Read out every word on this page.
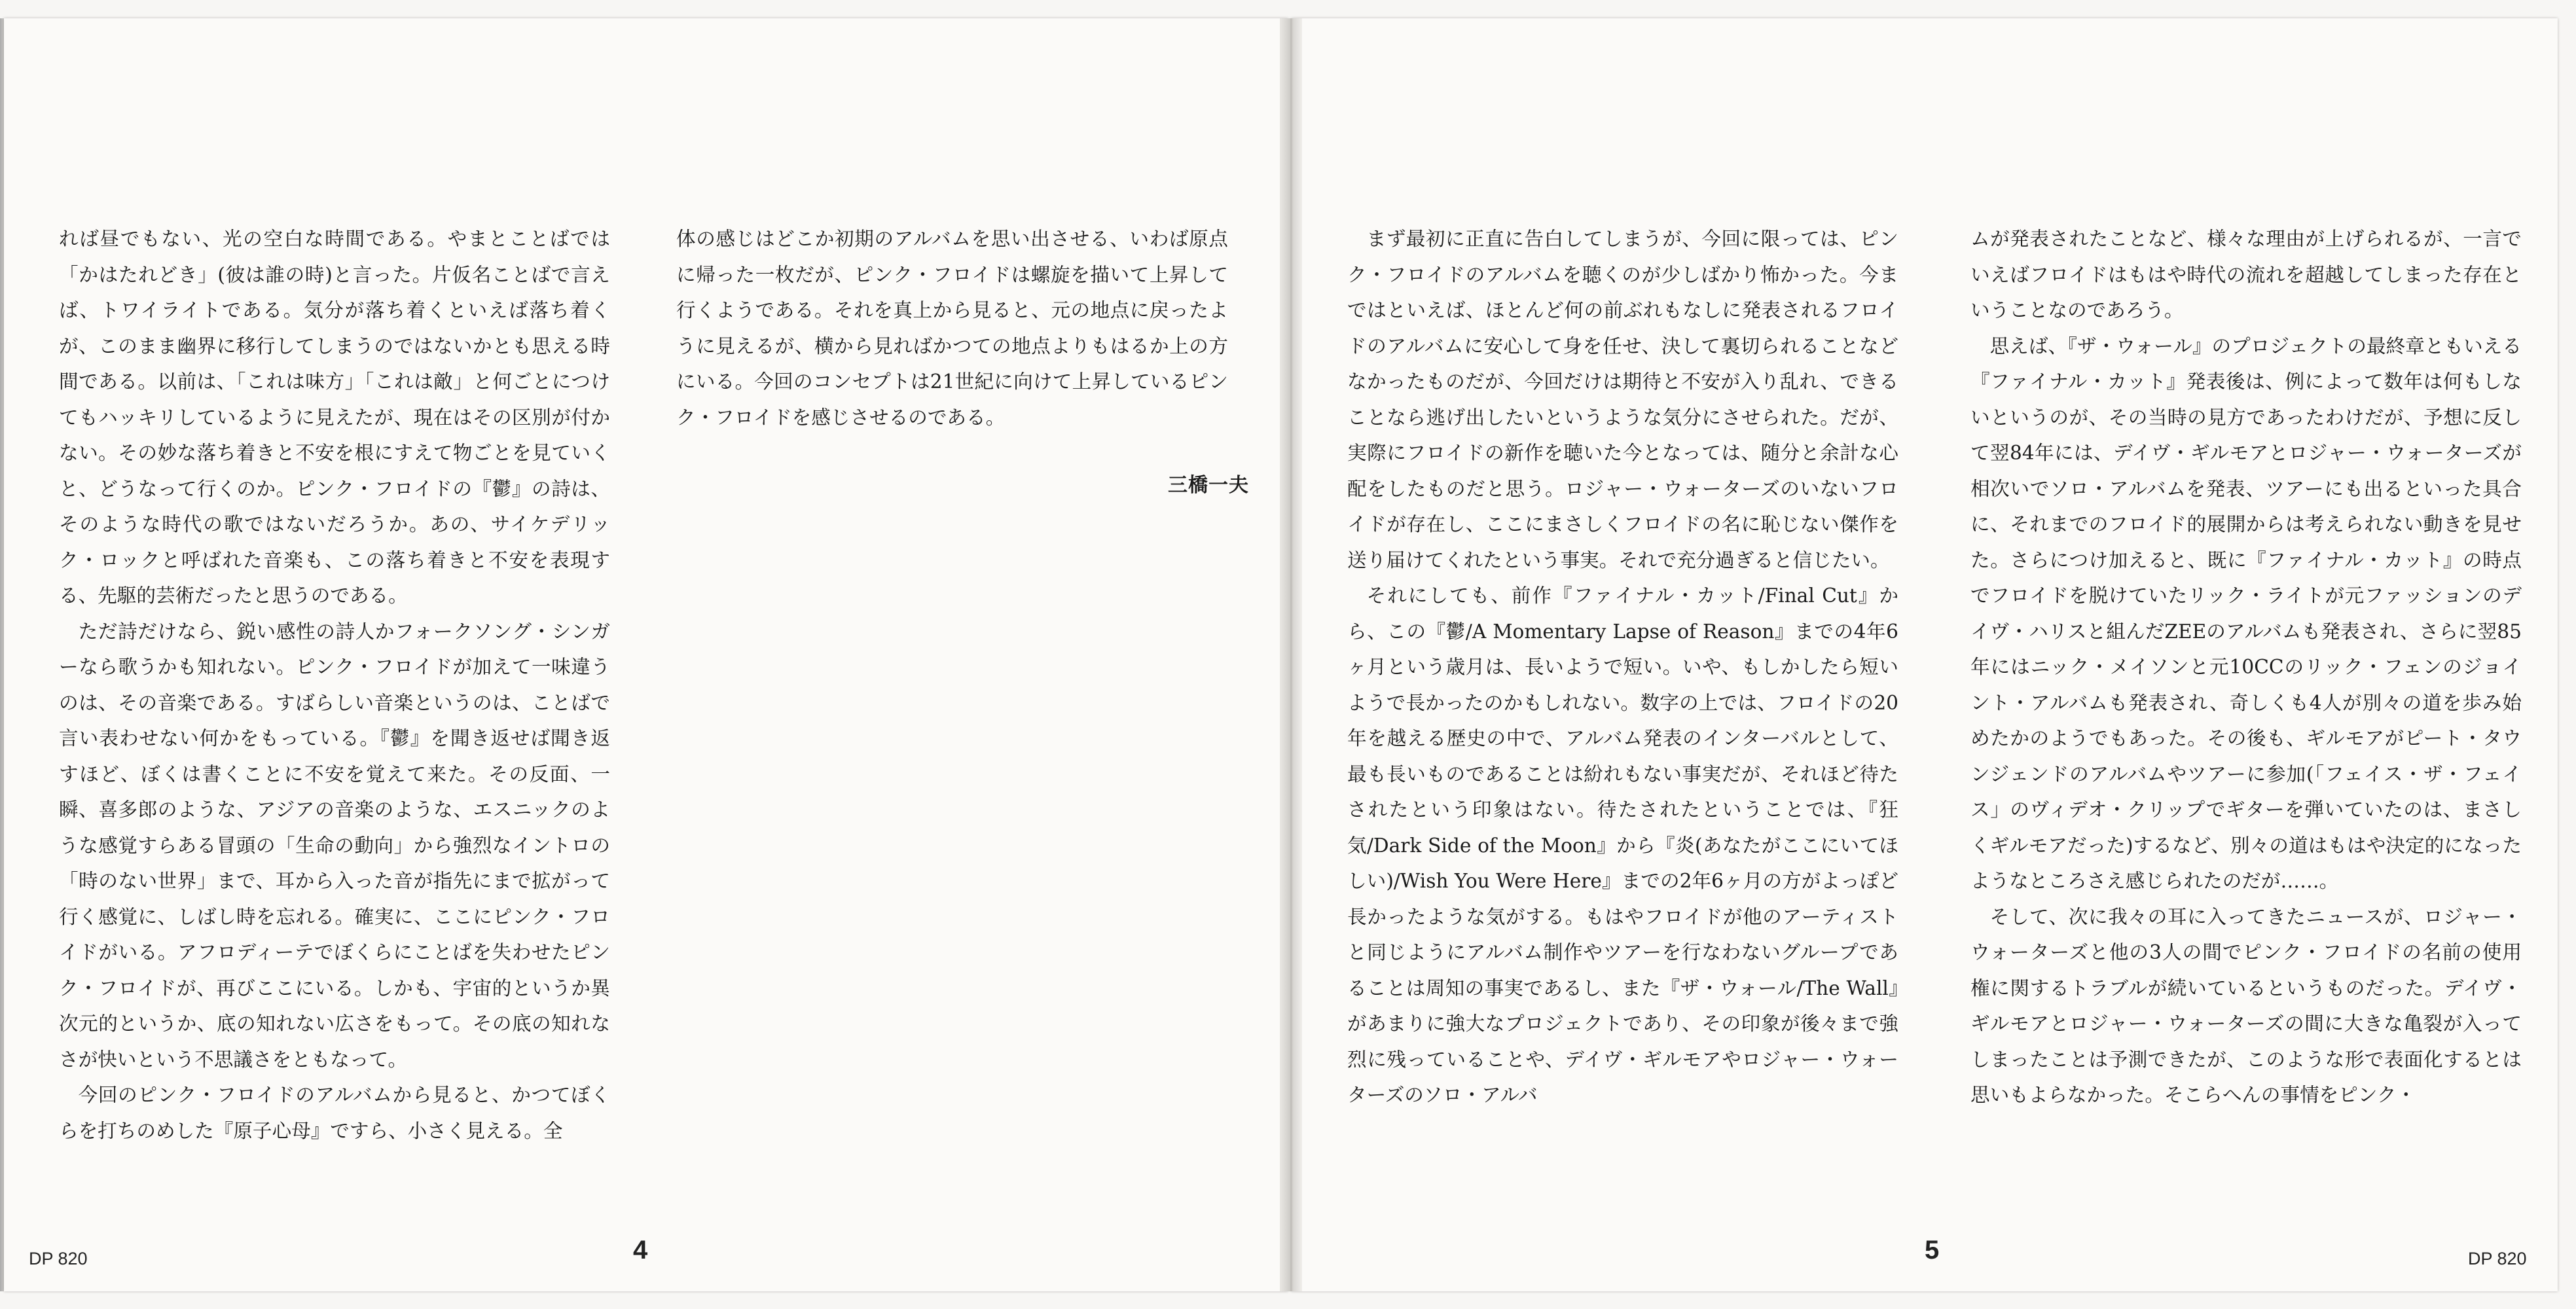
れば昼でもない、光の空白な時間である。やまとことばでは「かはたれどき」(彼は誰の時)と言った。片仮名ことばで言えば、トワイライトである。気分が落ち着くといえば落ち着くが、このまま幽界に移行してしまうのではないかとも思える時間である。以前は、「これは味方」「これは敵」と何ごとにつけてもハッキリしているように見えたが、現在はその区別が付かない。その妙な落ち着きと不安を根にすえて物ごとを見ていくと、どうなって行くのか。ピンク・フロイドの『鬱』の詩は、そのような時代の歌ではないだろうか。あの、サイケデリック・ロックと呼ばれた音楽も、この落ち着きと不安を表現する、先駆的芸術だったと思うのである。

ただ詩だけなら、鋭い感性の詩人かフォークソング・シンガーなら歌うかも知れない。ピンク・フロイドが加えて一味違うのは、その音楽である。すばらしい音楽というのは、ことばで言い表わせない何かをもっている。『鬱』を聞き返せば聞き返すほど、ぼくは書くことに不安を覚えて来た。その反面、一瞬、喜多郎のような、アジアの音楽のような、エスニックのような感覚すらある冒頭の「生命の動向」から強烈なイントロの「時のない世界」まで、耳から入った音が指先にまで拡がって行く感覚に、しばし時を忘れる。確実に、ここにピンク・フロイドがいる。アフロディーテでぼくらにことばを失わせたピンク・フロイドが、再びここにいる。しかも、宇宙的というか異次元的というか、底の知れない広さをもって。その底の知れなさが快いという不思議さをともなって。

今回のピンク・フロイドのアルバムから見ると、かつてぼくらを打ちのめした『原子心母』ですら、小さく見える。全

体の感じはどこか初期のアルバムを思い出させる、いわば原点に帰った一枚だが、ピンク・フロイドは螺旋を描いて上昇して行くようである。それを真上から見ると、元の地点に戻ったように見えるが、横から見ればかつての地点よりもはるか上の方にいる。今回のコンセプトは21世紀に向けて上昇しているピンク・フロイドを感じさせるのである。

三橋一夫

まず最初に正直に告白してしまうが、今回に限っては、ピンク・フロイドのアルバムを聴くのが少しばかり怖かった。今まではといえば、ほとんど何の前ぶれもなしに発表されるフロイドのアルバムに安心して身を任せ、決して裏切られることなどなかったものだが、今回だけは期待と不安が入り乱れ、できることなら逃げ出したいというような気分にさせられた。だが、実際にフロイドの新作を聴いた今となっては、随分と余計な心配をしたものだと思う。ロジャー・ウォーターズのいないフロイドが存在し、ここにまさしくフロイドの名に恥じない傑作を送り届けてくれたという事実。それで充分過ぎると信じたい。

それにしても、前作『ファイナル・カット/Final Cut』から、この『鬱/A Momentary Lapse of Reason』までの4年6ヶ月という歳月は、長いようで短い。いや、もしかしたら短いようで長かったのかもしれない。数字の上では、フロイドの20年を越える歴史の中で、アルバム発表のインターバルとして、最も長いものであることは紛れもない事実だが、それほど待たされたという印象はない。待たされたということでは、『狂気/Dark Side of the Moon』から『炎(あなたがここにいてほしい)/Wish You Were Here』までの2年6ヶ月の方がよっぽど長かったような気がする。もはやフロイドが他のアーティストと同じようにアルバム制作やツアーを行なわないグループであることは周知の事実であるし、また『ザ・ウォール/The Wall』があまりに強大なプロジェクトであり、その印象が後々まで強烈に残っていることや、デイヴ・ギルモアやロジャー・ウォーターズのソロ・アルバ

ムが発表されたことなど、様々な理由が上げられるが、一言でいえばフロイドはもはや時代の流れを超越してしまった存在ということなのであろう。

思えば、『ザ・ウォール』のプロジェクトの最終章ともいえる『ファイナル・カット』発表後は、例によって数年は何もしないというのが、その当時の見方であったわけだが、予想に反して翌84年には、デイヴ・ギルモアとロジャー・ウォーターズが相次いでソロ・アルバムを発表、ツアーにも出るといった具合に、それまでのフロイド的展開からは考えられない動きを見せた。さらにつけ加えると、既に『ファイナル・カット』の時点でフロイドを脱けていたリック・ライトが元ファッションのデイヴ・ハリスと組んだZEEのアルバムも発表され、さらに翌85年にはニック・メイソンと元10CCのリック・フェンのジョイント・アルバムも発表され、奇しくも4人が別々の道を歩み始めたかのようでもあった。その後も、ギルモアがピート・タウンジェンドのアルバムやツアーに参加(「フェイス・ザ・フェイス」のヴィデオ・クリップでギターを弾いていたのは、まさしくギルモアだった)するなど、別々の道はもはや決定的になったようなところさえ感じられたのだが……。

そして、次に我々の耳に入ってきたニュースが、ロジャー・ウォーターズと他の3人の間でピンク・フロイドの名前の使用権に関するトラブルが続いているというものだった。デイヴ・ギルモアとロジャー・ウォーターズの間に大きな亀裂が入ってしまったことは予測できたが、このような形で表面化するとは思いもよらなかった。そこらへんの事情をピンク・

DP 820	4	5	DP 820
